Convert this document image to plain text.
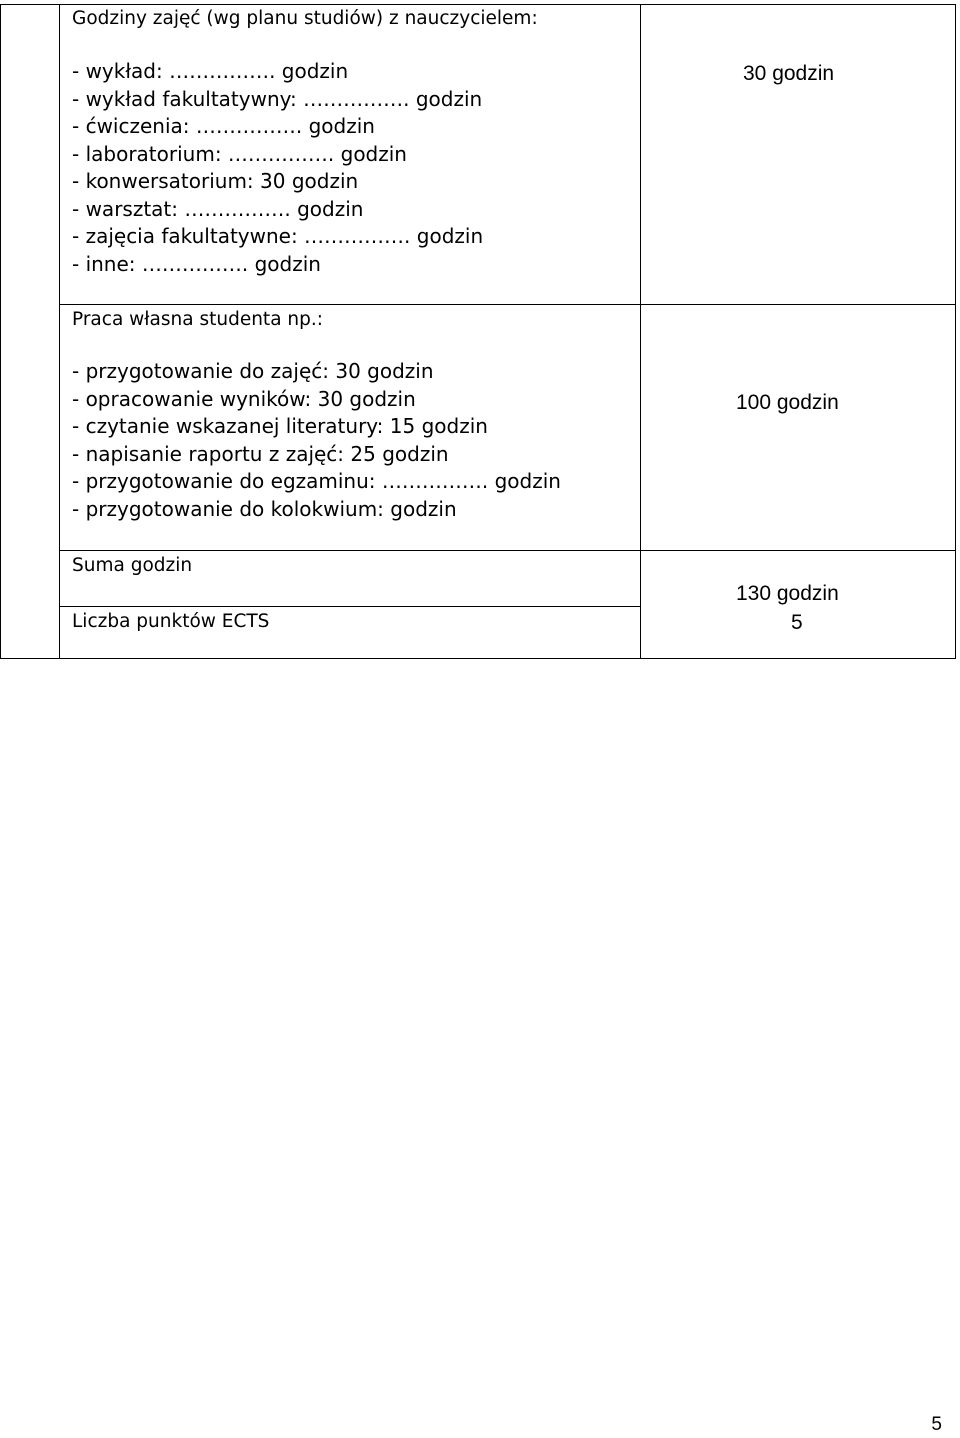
Godziny zajęć (wg planu studiów) z nauczycielem:
- wykład: ……………. godzin
- wykład fakultatywny: ……………. godzin
- ćwiczenia: ……………. godzin
- laboratorium: ……………. godzin
- konwersatorium: 30 godzin
- warsztat: ……………. godzin
- zajęcia fakultatywne: ……………. godzin
- inne: ……………. godzin
30 godzin
Praca własna studenta np.:
- przygotowanie do zajęć: 30 godzin
- opracowanie wyników: 30 godzin
- czytanie wskazanej literatury: 15 godzin
- napisanie raportu z zajęć: 25 godzin
- przygotowanie do egzaminu: ……………. godzin
- przygotowanie do kolokwium: godzin
100 godzin
Suma godzin
130 godzin
Liczba punktów ECTS	5
5
